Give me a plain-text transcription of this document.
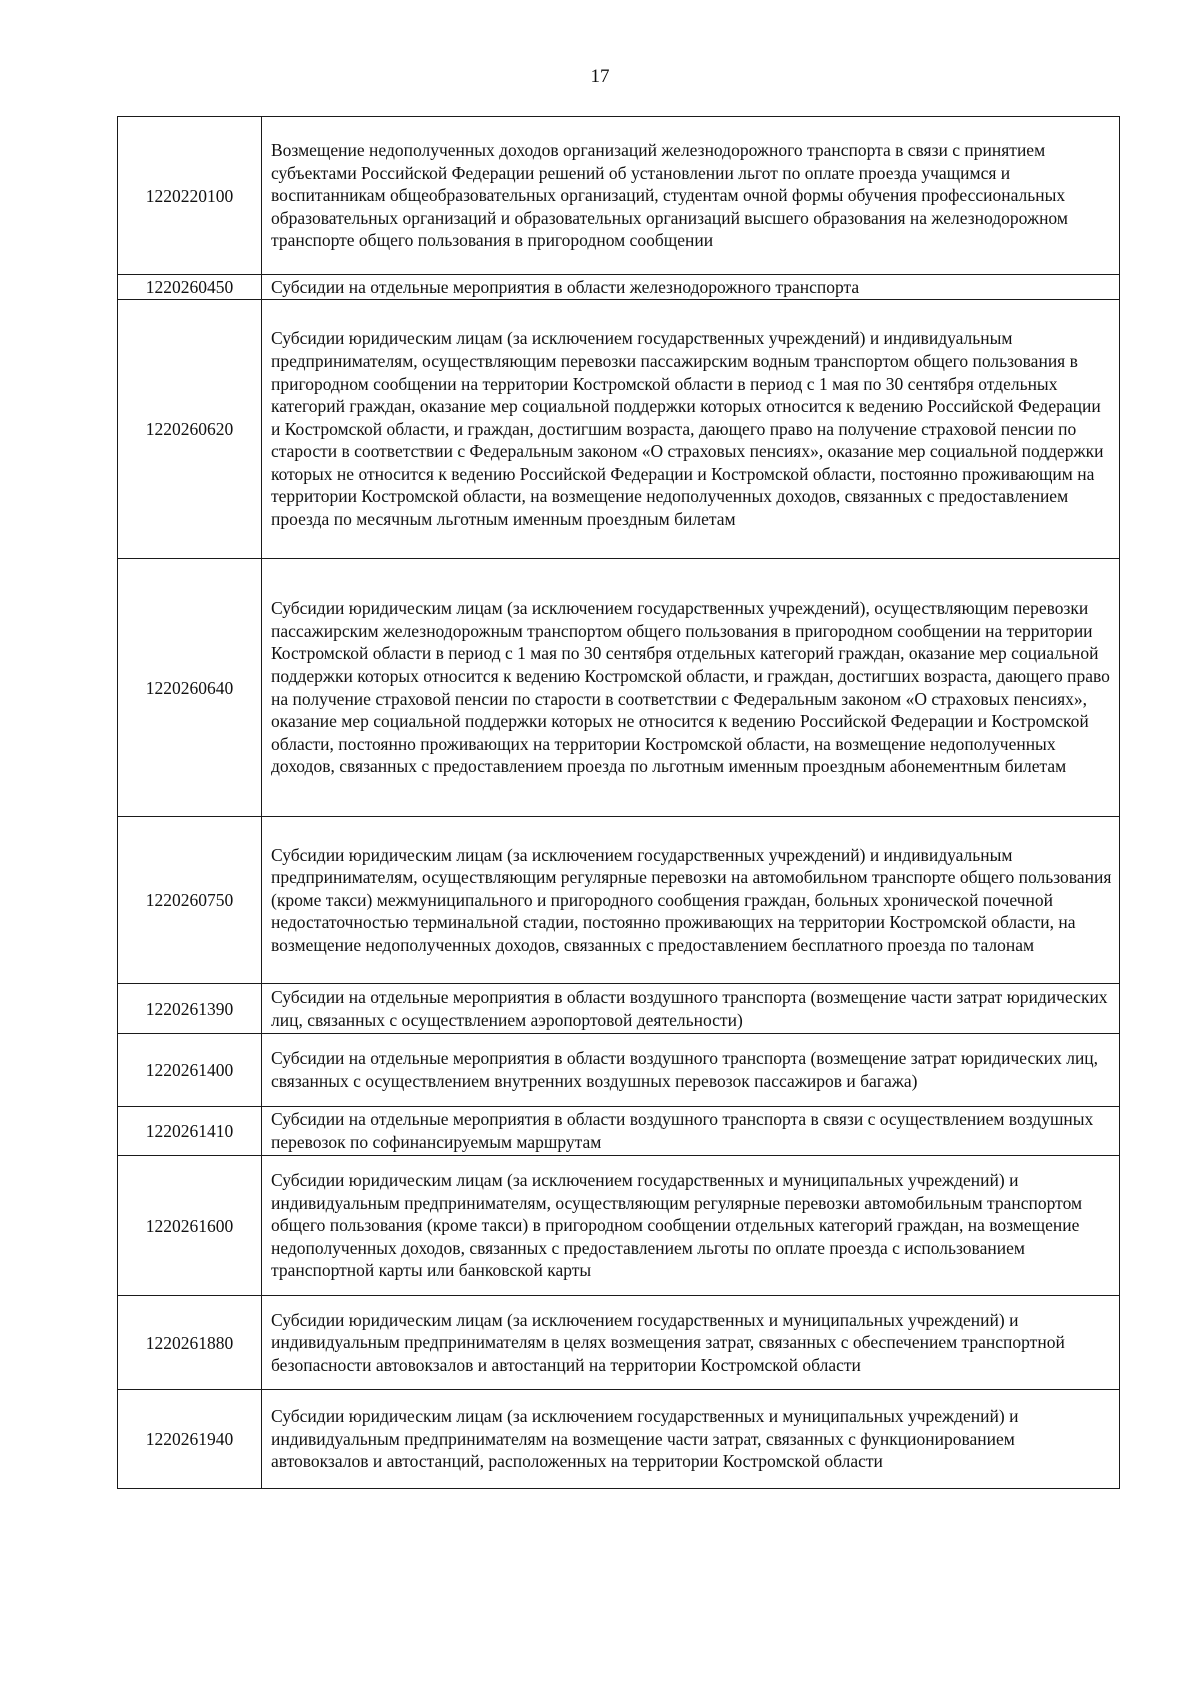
17
1220220100	Возмещение недополученных доходов организаций железнодорожного транспорта в связи с принятием субъектами Российской Федерации решений об установлении льгот по оплате проезда учащимся и воспитанникам общеобразовательных организаций, студентам очной формы обучения профессиональных образовательных организаций и образовательных организаций высшего образования на железнодорожном транспорте общего пользования в пригородном сообщении
1220260450	Субсидии на отдельные мероприятия в области железнодорожного транспорта
1220260620	Субсидии юридическим лицам (за исключением государственных учреждений) и индивидуальным предпринимателям, осуществляющим перевозки пассажирским водным транспортом общего пользования в пригородном сообщении на территории Костромской области в период с 1 мая по 30 сентября отдельных категорий граждан, оказание мер социальной поддержки которых относится к ведению Российской Федерации и Костромской области, и граждан, достигшим возраста, дающего право на получение страховой пенсии по старости в соответствии с Федеральным законом «О страховых пенсиях», оказание мер социальной поддержки которых не относится к ведению Российской Федерации и Костромской области, постоянно проживающим на территории Костромской области, на возмещение недополученных доходов, связанных с предоставлением проезда по месячным льготным именным проездным билетам
1220260640	Субсидии юридическим лицам (за исключением государственных учреждений), осуществляющим перевозки пассажирским железнодорожным транспортом общего пользования в пригородном сообщении на территории Костромской области в период с 1 мая по 30 сентября отдельных категорий граждан, оказание мер социальной поддержки которых относится к ведению Костромской области, и граждан, достигших возраста, дающего право на получение страховой пенсии по старости в соответствии с Федеральным законом «О страховых пенсиях», оказание мер социальной поддержки которых не относится к ведению Российской Федерации и Костромской области, постоянно проживающих на территории Костромской области, на возмещение недополученных доходов, связанных с предоставлением проезда по льготным именным проездным абонементным билетам
1220260750	Субсидии юридическим лицам (за исключением государственных учреждений) и индивидуальным предпринимателям, осуществляющим регулярные перевозки на автомобильном транспорте общего пользования (кроме такси) межмуниципального и пригородного сообщения граждан, больных хронической почечной недостаточностью терминальной стадии, постоянно проживающих на территории Костромской области, на возмещение недополученных доходов, связанных с предоставлением бесплатного проезда по талонам
1220261390	Субсидии на отдельные мероприятия в области воздушного транспорта (возмещение части затрат юридических лиц, связанных с осуществлением аэропортовой деятельности)
1220261400	Субсидии на отдельные мероприятия в области воздушного транспорта (возмещение затрат юридических лиц, связанных с осуществлением внутренних воздушных перевозок пассажиров и багажа)
1220261410	Субсидии на отдельные мероприятия в области воздушного транспорта в связи с осуществлением воздушных перевозок по софинансируемым маршрутам
1220261600	Субсидии юридическим лицам (за исключением государственных и муниципальных учреждений) и индивидуальным предпринимателям, осуществляющим регулярные перевозки автомобильным транспортом общего пользования (кроме такси) в пригородном сообщении отдельных категорий граждан, на возмещение недополученных доходов, связанных с предоставлением льготы по оплате проезда с использованием транспортной карты или банковской карты
1220261880	Субсидии юридическим лицам (за исключением государственных и муниципальных учреждений) и индивидуальным предпринимателям в целях возмещения затрат, связанных с обеспечением транспортной безопасности автовокзалов и автостанций на территории Костромской области
1220261940	Субсидии юридическим лицам (за исключением государственных и муниципальных учреждений) и индивидуальным предпринимателям на возмещение части затрат, связанных с функционированием автовокзалов и автостанций, расположенных на территории Костромской области
